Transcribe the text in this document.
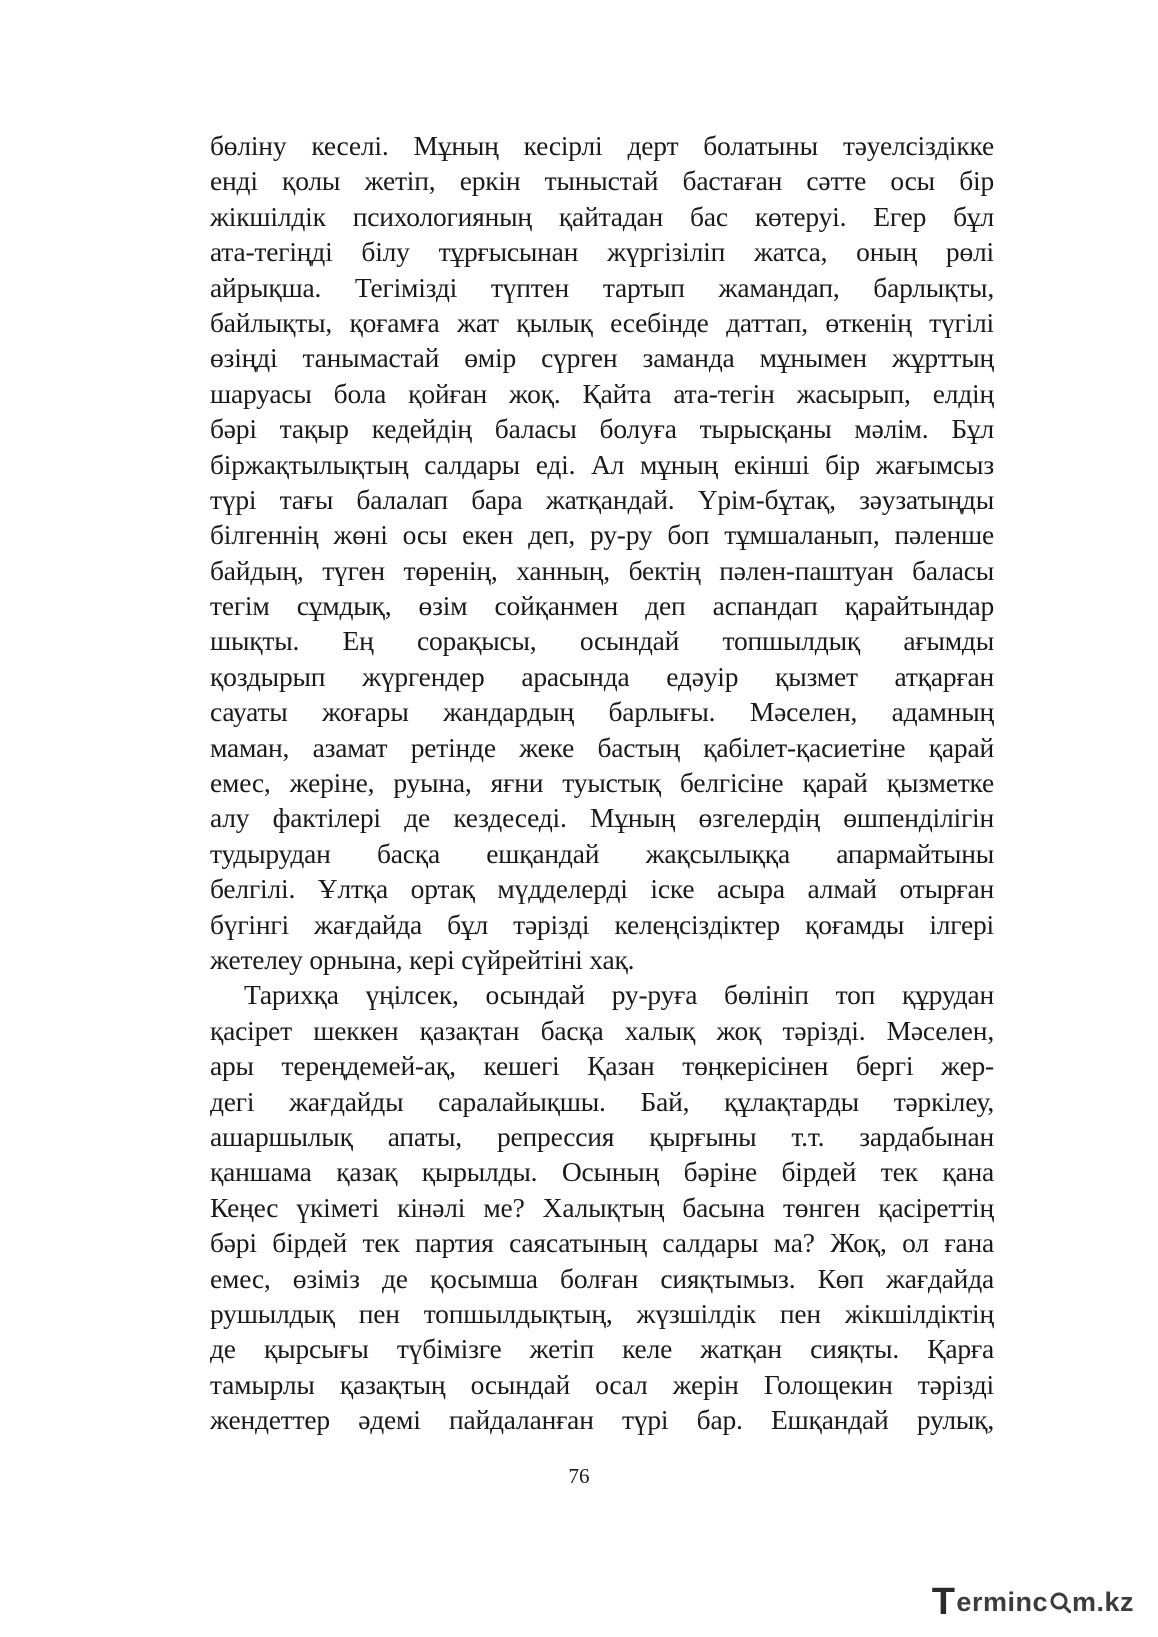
бөліну кеселі. Мұның кесірлі дерт болатыны тәуелсіздікке
енді қолы жетіп, еркін тыныстай бастаған сәтте осы бір
жікшілдік психологияның қайтадан бас көтеруі. Егер бұл
ата-тегіңді білу тұрғысынан жүргізіліп жатса, оның рөлі
айрықша. Тегімізді түптен тартып жамандап, барлықты,
байлықты, қоғамға жат қылық есебінде даттап, өткенің түгілі
өзіңді танымастай өмір сүрген заманда мұнымен жұрттың
шаруасы бола қойған жоқ. Қайта ата-тегін жасырып, елдің
бәрі тақыр кедейдің баласы болуға тырысқаны мәлім. Бұл
біржақтылықтың салдары еді. Ал мұның екінші бір жағымсыз
түрі тағы балалап бара жатқандай. Үрім-бұтақ, зәузатыңды
білгеннің жөні осы екен деп, ру-ру боп тұмшаланып, пәленше
байдың, түген төренің, ханның, бектің пәлен-паштуан баласы
тегім сұмдық, өзім сойқанмен деп аспандап қарайтындар
шықты. Ең сорақысы, осындай топшылдық ағымды
қоздырып жүргендер арасында едәуір қызмет атқарған
сауаты жоғары жандардың барлығы. Мәселен, адамның
маман, азамат ретінде жеке бастың қабілет-қасиетіне қарай
емес, жеріне, руына, яғни туыстық белгісіне қарай қызметке
алу фактілері де кездеседі. Мұның өзгелердің өшпенділігін
тудырудан басқа ешқандай жақсылыққа апармайтыны
белгілі. Ұлтқа ортақ мүдделерді іске асыра алмай отырған
бүгінгі жағдайда бұл тәрізді келеңсіздіктер қоғамды ілгері
жетелеу орнына, кері сүйрейтіні хақ.
Тарихқа үңілсек, осындай ру-руға бөлініп топ құрудан
қасірет шеккен қазақтан басқа халық жоқ тәрізді. Мәселен,
ары тереңдемей-ақ, кешегі Қазан төңкерісінен бергі жер-
дегі жағдайды саралайықшы. Бай, құлақтарды тәркілеу,
ашаршылық апаты, репрессия қырғыны т.т. зардабынан
қаншама қазақ қырылды. Осының бәріне бірдей тек қана
Кеңес үкіметі кінәлі ме? Халықтың басына төнген қасіреттің
бәрі бірдей тек партия саясатының салдары ма? Жоқ, ол ғана
емес, өзіміз де қосымша болған сияқтымыз. Көп жағдайда
рушылдық пен топшылдықтың, жүзшілдік пен жікшілдіктің
де қырсығы түбімізге жетіп келе жатқан сияқты. Қарға
тамырлы қазақтың осындай осал жерін Голощекин тәрізді
жендеттер әдемі пайдаланған түрі бар. Ешқандай рулық,
76
T erminc m.kz
